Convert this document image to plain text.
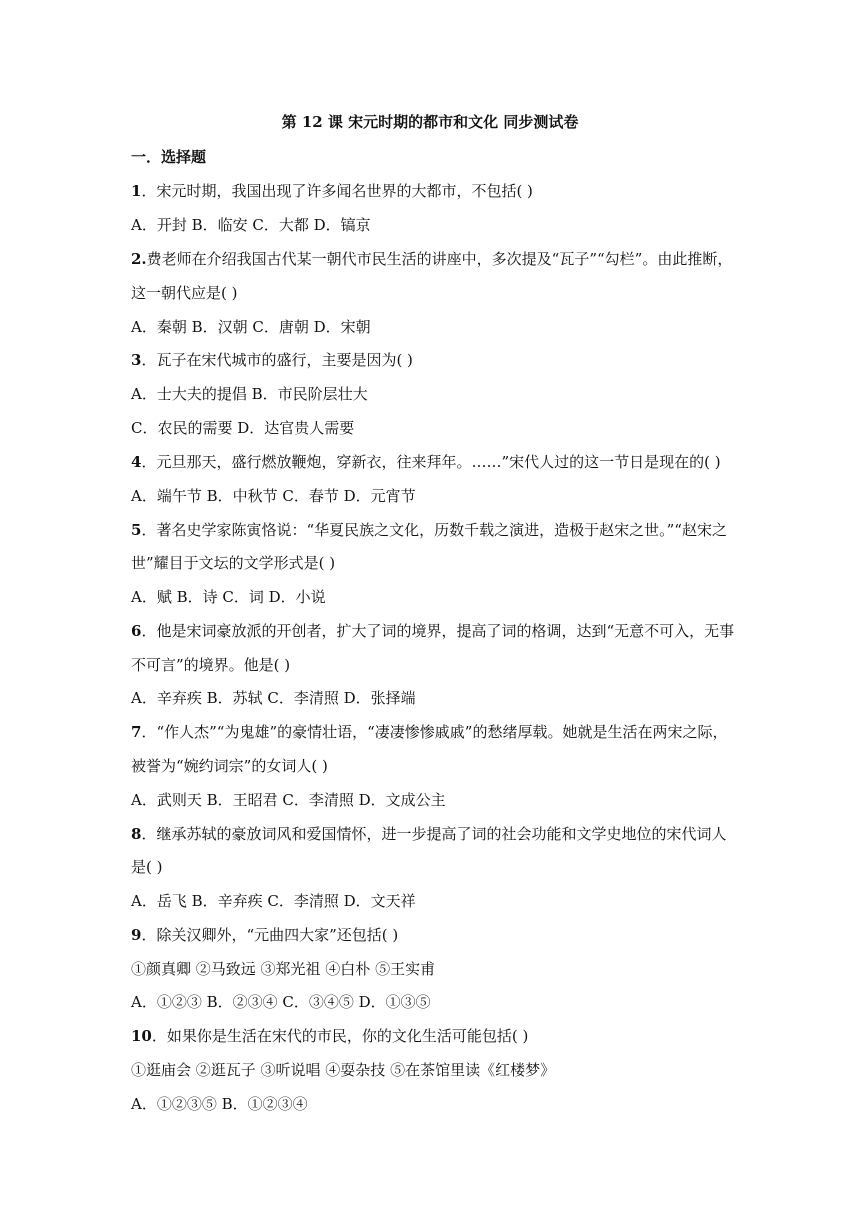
第 12 课 宋元时期的都市和文化 同步测试卷
一．选择题
1．宋元时期，我国出现了许多闻名世界的大都市，不包括( )
A．开封 B．临安 C．大都 D．镐京
2.费老师在介绍我国古代某一朝代市民生活的讲座中，多次提及“瓦子”“勾栏”。由此推断，
这一朝代应是( )
A．秦朝 B．汉朝 C．唐朝 D．宋朝
3．瓦子在宋代城市的盛行，主要是因为( )
A．士大夫的提倡 B．市民阶层壮大
C．农民的需要 D．达官贵人需要
4．元旦那天，盛行燃放鞭炮，穿新衣，往来拜年。……”宋代人过的这一节日是现在的( )
A．端午节 B．中秋节 C．春节 D．元宵节
5．著名史学家陈寅恪说：“华夏民族之文化，历数千载之演进，造极于赵宋之世。”“赵宋之
世”耀目于文坛的文学形式是( )
A．赋 B．诗 C．词 D．小说
6．他是宋词豪放派的开创者，扩大了词的境界，提高了词的格调，达到“无意不可入，无事
不可言”的境界。他是( )
A．辛弃疾 B．苏轼 C．李清照 D．张择端
7．“作人杰”“为鬼雄”的豪情壮语，“凄凄惨惨戚戚”的愁绪厚载。她就是生活在两宋之际，
被誉为“婉约词宗”的女词人( )
A．武则天 B．王昭君 C．李清照 D．文成公主
8．继承苏轼的豪放词风和爱国情怀，进一步提高了词的社会功能和文学史地位的宋代词人
是( )
A．岳飞 B．辛弃疾 C．李清照 D．文天祥
9．除关汉卿外，“元曲四大家”还包括( )
①颜真卿 ②马致远 ③郑光祖 ④白朴 ⑤王实甫
A．①②③ B．②③④ C．③④⑤ D．①③⑤
10．如果你是生活在宋代的市民，你的文化生活可能包括( )
①逛庙会 ②逛瓦子 ③听说唱 ④耍杂技 ⑤在茶馆里读《红楼梦》
A．①②③⑤ B．①②③④
